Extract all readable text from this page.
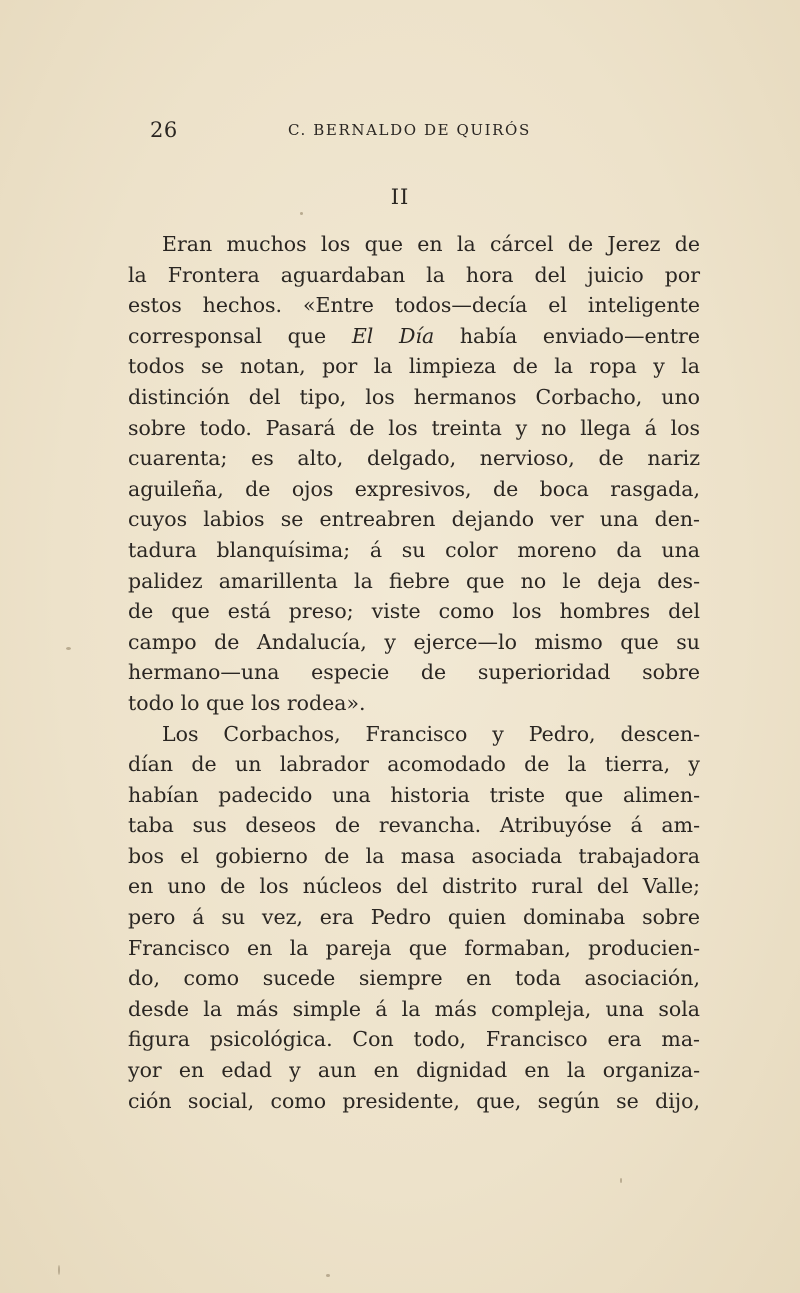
26	C. BERNALDO DE QUIRÓS
II
Eran muchos los que en la cárcel de Jerez de
la Frontera aguardaban la hora del juicio por
estos hechos. «Entre todos—decía el inteligente
corresponsal que El Día había enviado—entre
todos se notan, por la limpieza de la ropa y la
distinción del tipo, los hermanos Corbacho, uno
sobre todo. Pasará de los treinta y no llega á los
cuarenta; es alto, delgado, nervioso, de nariz
aguileña, de ojos expresivos, de boca rasgada,
cuyos labios se entreabren dejando ver una den-
tadura blanquísima; á su color moreno da una
palidez amarillenta la fiebre que no le deja des-
de que está preso; viste como los hombres del
campo de Andalucía, y ejerce—lo mismo que su
hermano—una especie de superioridad sobre
todo lo que los rodea».
Los Corbachos, Francisco y Pedro, descen-
dían de un labrador acomodado de la tierra, y
habían padecido una historia triste que alimen-
taba sus deseos de revancha. Atribuyóse á am-
bos el gobierno de la masa asociada trabajadora
en uno de los núcleos del distrito rural del Valle;
pero á su vez, era Pedro quien dominaba sobre
Francisco en la pareja que formaban, producien-
do, como sucede siempre en toda asociación,
desde la más simple á la más compleja, una sola
figura psicológica. Con todo, Francisco era ma-
yor en edad y aun en dignidad en la organiza-
ción social, como presidente, que, según se dijo,
